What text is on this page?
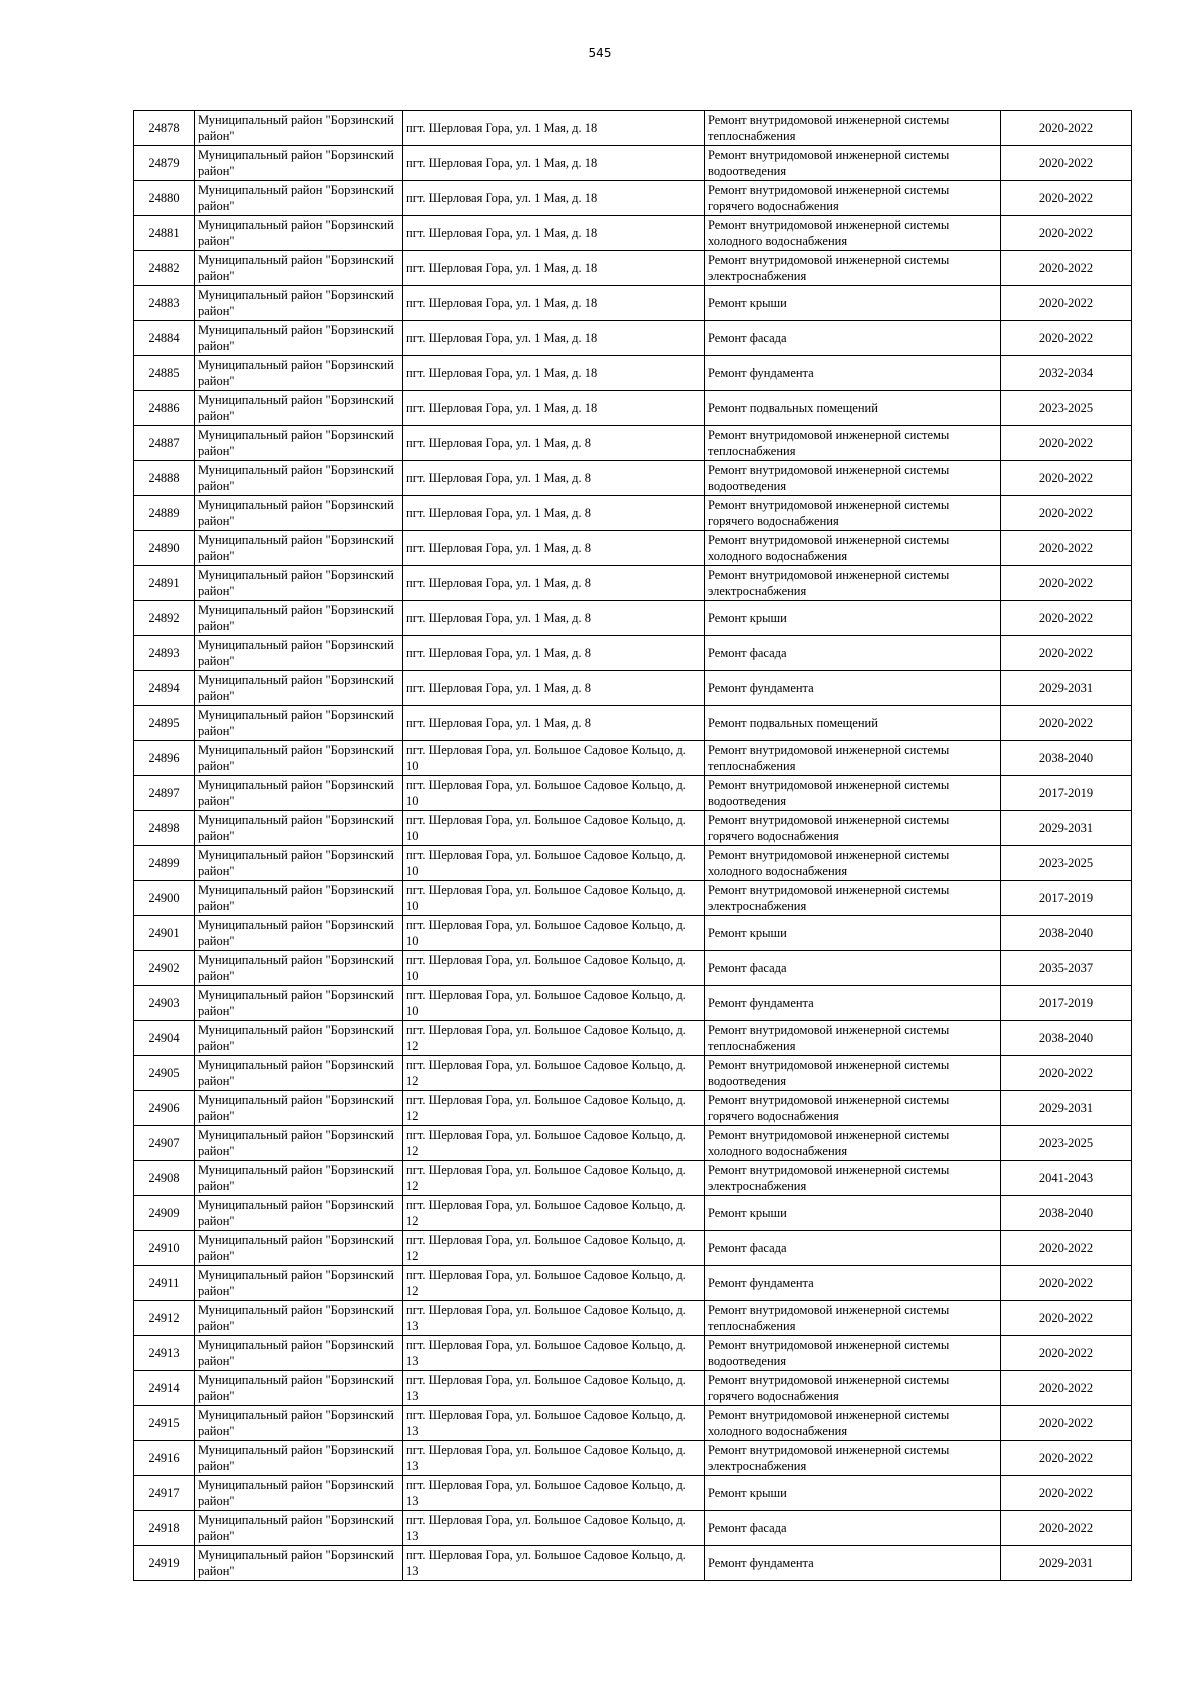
545
24878	Муниципальный район "Борзинский район"	пгт. Шерловая Гора, ул. 1 Мая, д. 18	Ремонт внутридомовой инженерной системы теплоснабжения	2020-2022
24879	Муниципальный район "Борзинский район"	пгт. Шерловая Гора, ул. 1 Мая, д. 18	Ремонт внутридомовой инженерной системы водоотведения	2020-2022
24880	Муниципальный район "Борзинский район"	пгт. Шерловая Гора, ул. 1 Мая, д. 18	Ремонт внутридомовой инженерной системы горячего водоснабжения	2020-2022
24881	Муниципальный район "Борзинский район"	пгт. Шерловая Гора, ул. 1 Мая, д. 18	Ремонт внутридомовой инженерной системы холодного водоснабжения	2020-2022
24882	Муниципальный район "Борзинский район"	пгт. Шерловая Гора, ул. 1 Мая, д. 18	Ремонт внутридомовой инженерной системы электроснабжения	2020-2022
24883	Муниципальный район "Борзинский район"	пгт. Шерловая Гора, ул. 1 Мая, д. 18	Ремонт крыши	2020-2022
24884	Муниципальный район "Борзинский район"	пгт. Шерловая Гора, ул. 1 Мая, д. 18	Ремонт фасада	2020-2022
24885	Муниципальный район "Борзинский район"	пгт. Шерловая Гора, ул. 1 Мая, д. 18	Ремонт фундамента	2032-2034
24886	Муниципальный район "Борзинский район"	пгт. Шерловая Гора, ул. 1 Мая, д. 18	Ремонт подвальных помещений	2023-2025
24887	Муниципальный район "Борзинский район"	пгт. Шерловая Гора, ул. 1 Мая, д. 8	Ремонт внутридомовой инженерной системы теплоснабжения	2020-2022
24888	Муниципальный район "Борзинский район"	пгт. Шерловая Гора, ул. 1 Мая, д. 8	Ремонт внутридомовой инженерной системы водоотведения	2020-2022
24889	Муниципальный район "Борзинский район"	пгт. Шерловая Гора, ул. 1 Мая, д. 8	Ремонт внутридомовой инженерной системы горячего водоснабжения	2020-2022
24890	Муниципальный район "Борзинский район"	пгт. Шерловая Гора, ул. 1 Мая, д. 8	Ремонт внутридомовой инженерной системы холодного водоснабжения	2020-2022
24891	Муниципальный район "Борзинский район"	пгт. Шерловая Гора, ул. 1 Мая, д. 8	Ремонт внутридомовой инженерной системы электроснабжения	2020-2022
24892	Муниципальный район "Борзинский район"	пгт. Шерловая Гора, ул. 1 Мая, д. 8	Ремонт крыши	2020-2022
24893	Муниципальный район "Борзинский район"	пгт. Шерловая Гора, ул. 1 Мая, д. 8	Ремонт фасада	2020-2022
24894	Муниципальный район "Борзинский район"	пгт. Шерловая Гора, ул. 1 Мая, д. 8	Ремонт фундамента	2029-2031
24895	Муниципальный район "Борзинский район"	пгт. Шерловая Гора, ул. 1 Мая, д. 8	Ремонт подвальных помещений	2020-2022
24896	Муниципальный район "Борзинский район"	пгт. Шерловая Гора, ул. Большое Садовое Кольцо, д. 10	Ремонт внутридомовой инженерной системы теплоснабжения	2038-2040
24897	Муниципальный район "Борзинский район"	пгт. Шерловая Гора, ул. Большое Садовое Кольцо, д. 10	Ремонт внутридомовой инженерной системы водоотведения	2017-2019
24898	Муниципальный район "Борзинский район"	пгт. Шерловая Гора, ул. Большое Садовое Кольцо, д. 10	Ремонт внутридомовой инженерной системы горячего водоснабжения	2029-2031
24899	Муниципальный район "Борзинский район"	пгт. Шерловая Гора, ул. Большое Садовое Кольцо, д. 10	Ремонт внутридомовой инженерной системы холодного водоснабжения	2023-2025
24900	Муниципальный район "Борзинский район"	пгт. Шерловая Гора, ул. Большое Садовое Кольцо, д. 10	Ремонт внутридомовой инженерной системы электроснабжения	2017-2019
24901	Муниципальный район "Борзинский район"	пгт. Шерловая Гора, ул. Большое Садовое Кольцо, д. 10	Ремонт крыши	2038-2040
24902	Муниципальный район "Борзинский район"	пгт. Шерловая Гора, ул. Большое Садовое Кольцо, д. 10	Ремонт фасада	2035-2037
24903	Муниципальный район "Борзинский район"	пгт. Шерловая Гора, ул. Большое Садовое Кольцо, д. 10	Ремонт фундамента	2017-2019
24904	Муниципальный район "Борзинский район"	пгт. Шерловая Гора, ул. Большое Садовое Кольцо, д. 12	Ремонт внутридомовой инженерной системы теплоснабжения	2038-2040
24905	Муниципальный район "Борзинский район"	пгт. Шерловая Гора, ул. Большое Садовое Кольцо, д. 12	Ремонт внутридомовой инженерной системы водоотведения	2020-2022
24906	Муниципальный район "Борзинский район"	пгт. Шерловая Гора, ул. Большое Садовое Кольцо, д. 12	Ремонт внутридомовой инженерной системы горячего водоснабжения	2029-2031
24907	Муниципальный район "Борзинский район"	пгт. Шерловая Гора, ул. Большое Садовое Кольцо, д. 12	Ремонт внутридомовой инженерной системы холодного водоснабжения	2023-2025
24908	Муниципальный район "Борзинский район"	пгт. Шерловая Гора, ул. Большое Садовое Кольцо, д. 12	Ремонт внутридомовой инженерной системы электроснабжения	2041-2043
24909	Муниципальный район "Борзинский район"	пгт. Шерловая Гора, ул. Большое Садовое Кольцо, д. 12	Ремонт крыши	2038-2040
24910	Муниципальный район "Борзинский район"	пгт. Шерловая Гора, ул. Большое Садовое Кольцо, д. 12	Ремонт фасада	2020-2022
24911	Муниципальный район "Борзинский район"	пгт. Шерловая Гора, ул. Большое Садовое Кольцо, д. 12	Ремонт фундамента	2020-2022
24912	Муниципальный район "Борзинский район"	пгт. Шерловая Гора, ул. Большое Садовое Кольцо, д. 13	Ремонт внутридомовой инженерной системы теплоснабжения	2020-2022
24913	Муниципальный район "Борзинский район"	пгт. Шерловая Гора, ул. Большое Садовое Кольцо, д. 13	Ремонт внутридомовой инженерной системы водоотведения	2020-2022
24914	Муниципальный район "Борзинский район"	пгт. Шерловая Гора, ул. Большое Садовое Кольцо, д. 13	Ремонт внутридомовой инженерной системы горячего водоснабжения	2020-2022
24915	Муниципальный район "Борзинский район"	пгт. Шерловая Гора, ул. Большое Садовое Кольцо, д. 13	Ремонт внутридомовой инженерной системы холодного водоснабжения	2020-2022
24916	Муниципальный район "Борзинский район"	пгт. Шерловая Гора, ул. Большое Садовое Кольцо, д. 13	Ремонт внутридомовой инженерной системы электроснабжения	2020-2022
24917	Муниципальный район "Борзинский район"	пгт. Шерловая Гора, ул. Большое Садовое Кольцо, д. 13	Ремонт крыши	2020-2022
24918	Муниципальный район "Борзинский район"	пгт. Шерловая Гора, ул. Большое Садовое Кольцо, д. 13	Ремонт фасада	2020-2022
24919	Муниципальный район "Борзинский район"	пгт. Шерловая Гора, ул. Большое Садовое Кольцо, д. 13	Ремонт фундамента	2029-2031
